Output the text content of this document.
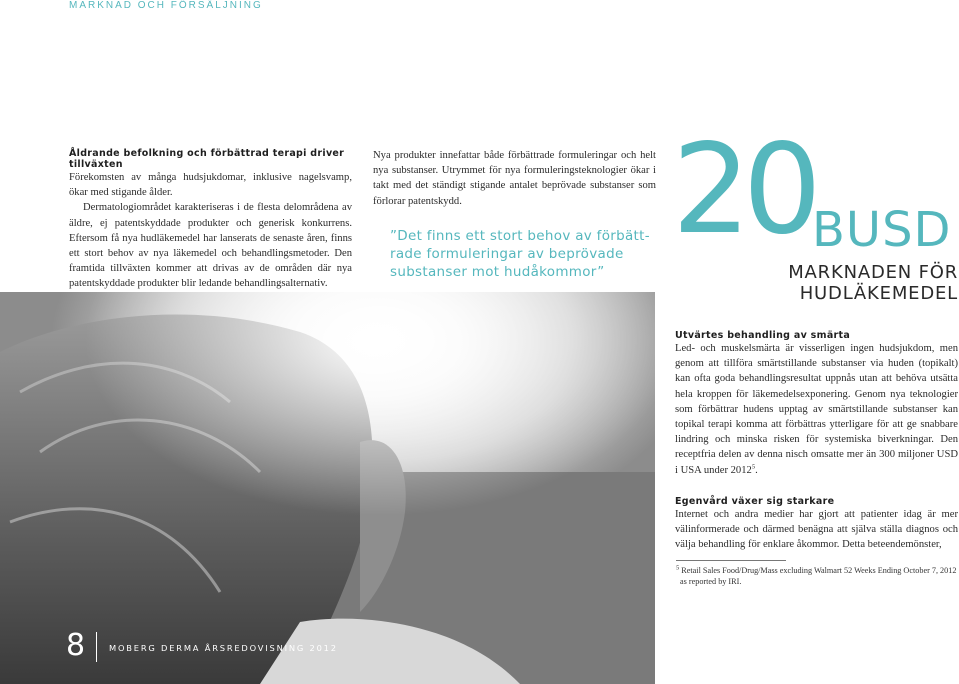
MARKNAD OCH FÖRSÄLJNING
Åldrande befolkning och förbättrad terapi driver tillväxten

Förekomsten av många hudsjukdomar, inklusive nagelsvamp, ökar med stigande ålder.

Dermatologiområdet karakteriseras i de flesta delområdena av äldre, ej patentskyddade produkter och generisk konkurrens. Eftersom få nya hudläkemedel har lanserats de senaste åren, finns ett stort behov av nya läkemedel och behandlingsmetoder. Den framtida tillväxten kommer att drivas av de områden där nya patentskyddade produkter blir ledande behandlingsalternativ.

Nya produkter innefattar både förbättrade formuleringar och helt nya substanser. Utrymmet för nya formuleringsteknologier ökar i takt med det ständigt stigande antalet beprövade substanser som förlorar patentskydd.

”Det finns ett stort behov av förbätt-rade formuleringar av beprövade substanser mot hudåkommor”

20
BUSD
MARKNADEN FÖR
HUDLÄKEMEDEL
Utvärtes behandling av smärta

Led- och muskelsmärta är visserligen ingen hudsjukdom, men genom att tillföra smärtstillande substanser via huden (topikalt) kan ofta goda behandlingsresultat uppnås utan att behöva utsätta hela kroppen för läkemedelsexponering. Genom nya teknologier som förbättrar hudens upptag av smärtstillande substanser kan topikal terapi komma att förbättras ytterligare för att ge snabbare lindring och minska risken för systemiska biverkningar. Den receptfria delen av denna nisch omsatte mer än 300 miljoner USD i USA under 2012$^5$.

Egenvård växer sig starkare

Internet och andra medier har gjort att patienter idag är mer välinformerade och därmed benägna att själva ställa diagnos och välja behandling för enklare åkommor. Detta beteendemönster,

$^5$ Retail Sales Food/Drug/Mass excluding Walmart 52 Weeks Ending October 7, 2012 as reported by IRI.
8	MOBERG DERMA ÅRSREDOVISNING 2012
